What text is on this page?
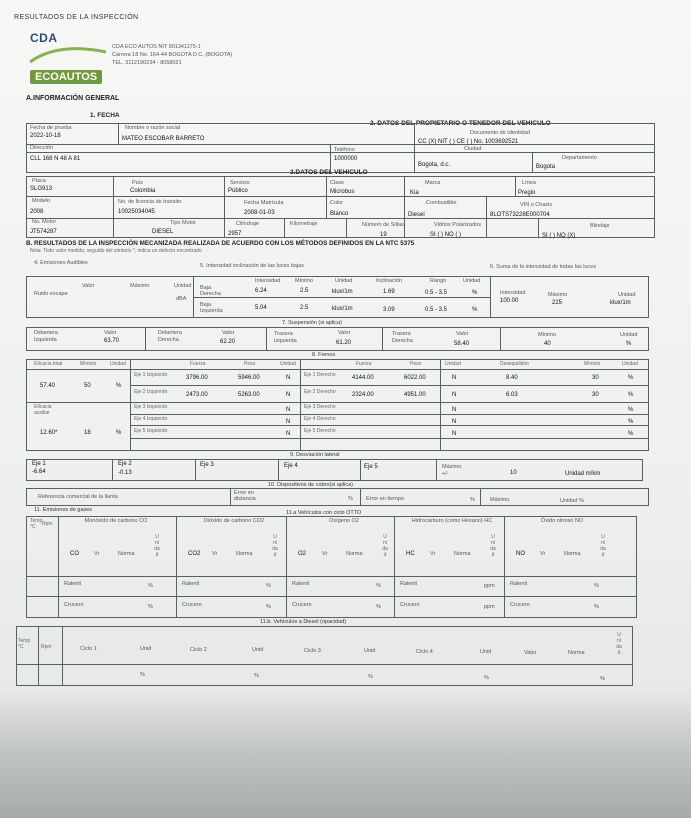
RESULTADOS DE LA INSPECCIÓN
CDA
ECOAUTOS
CDA ECO AUTOS NIT 901341175-1
Carrera 18 No. 164-44 BOGOTA D.C. (BOGOTA)
TEL. 3112190234 - 8058021
A.INFORMACIÓN GENERAL
1. FECHA
2. DATOS DEL PROPIETARIO O TENEDOR DEL VEHICULO
Fecha de prueba
2022-10-18
Nombre o razón social
MATEO ESCOBAR BARRETO
Documento de Identidad
CC (X) NIT ( ) CE ( ) No. 1003692521
Dirección
CLL 168 N 48 A 81
Teléfono
1000000
Ciudad
Bogota, d.c.
Departamento
Bogota
3.DATOS DEL VEHICULO
Placa
SLG913
País
Colombia
Servicio
Público
Clase
Microbus
Marca
Kia
Línea
Pregio
Modelo
2008
No. de licencia de transito
10025034045
Fecha Matrícula
2008-01-03
Color
Blanco
Combustible
Diesel
VIN o Chasis
8LOTS73228E000704
No. Motor
JT574287
Tipo Motor
DIESEL
Cilindraje
2957
Kilometraje	Número de Sillas
19
Vidrios Polarizados
SI ( ) NO ( )
Blindaje
SI ( ) NO (X)
B. RESULTADOS DE LA INSPECCIÓN MECANIZADA REALIZADA DE ACUERDO CON LOS MÉTODOS DEFINIDOS EN LA NTC 5375
Nota: Todo valor medido, seguido del símbolo *, indica un defecto encontrado
4. Emisiones Audibles	5. Intensidad inclinación de las luces bajas	6. Suma de la intensidad de todas las luces
Valor	Máximo	Unidad
Ruido escape
dBA
Intensidad	Mínimo	Unidad	Inclinación	Rango	Unidad
Baja Derecha	6.24	2.5	klux/1m	1.69	0.5 - 3.5	%
Baja Izquierda	5.04	2.5	klux/1m	3.09	0.5 - 3.5	%
Intensidad
100.00
Máximo
225
Unidad
klux/1m
7. Suspensión (si aplica)
Delantera Izquierda
Valor
63.70
Delantera Derecha
Valor
62.20
Trasera Izquierda
Valor
61.20
Trasera Derecha
Valor
58.40
Mínimo
40
Unidad
%
8. Frenos
Eficacia total	Mínimo	Unidad	Fuerza	Peso	Unidad	Fuerza	Peso	Unidad	Desequilibrio	Mínimo	Unidad
57.40	50	%
Eficacia auxiliar
12.60*	18	%
Eje 1 Izquierdo	3796.00	5946.00	N	Eje 1 Derecho	4144.00	6022.00	N	8.40	30	%
Eje 2 Izquierdo	2473.00	5263.00	N	Eje 2 Derecho	2324.00	4951.00	N	6.03	30	%
Eje 3 Izquierdo	N	Eje 3 Derecho	N	%
Eje 4 Izquierdo	N	Eje 4 Derecho	N	%
Eje 5 Izquierdo	N	Eje 5 Derecho	N	%
9. Desviación lateral
Eje 1
-6.64
Eje 2
-0.13
Eje 3	Eje 4	Eje 5	Máximo +/-	10	Unidad m/km
10. Dispositivos de cobro(si aplica)
Referencia comercial de la llanta
Error en distancia	% Error en tiempo	%	Máximo	Unidad %
11. Emisiones de gases	11.a Vehículos con ciclo OTTO
Temp °C	Rpm	Monóxido de carbono CO
CO	Vr	Norma
Unidad
Ralentí	%
Crucero	%
Dióxido de carbono CO2
CO2 Vr	Norma
Unidad
Ralentí	%
Crucero	%
Oxígeno O2
O2	Vr	Norma
Unidad
Ralentí	%
Crucero	%
Hidrocarburo (como Hexano) HC
HC	Vr	Norma
Unidad
Ralentí	ppm
Crucero	ppm
Óxido nitroso NO
NO	Vr	Norma
Unidad
Ralentí	%
Crucero	%
11.b. Vehículos a Diesel (opacidad)
Temp °C	Rpm	Ciclo 1	Unid	Ciclo 2	Unid	Ciclo 3	Unid	Ciclo 4	Unid	Valor	Norma
Unidad
%	%	%	%	%
